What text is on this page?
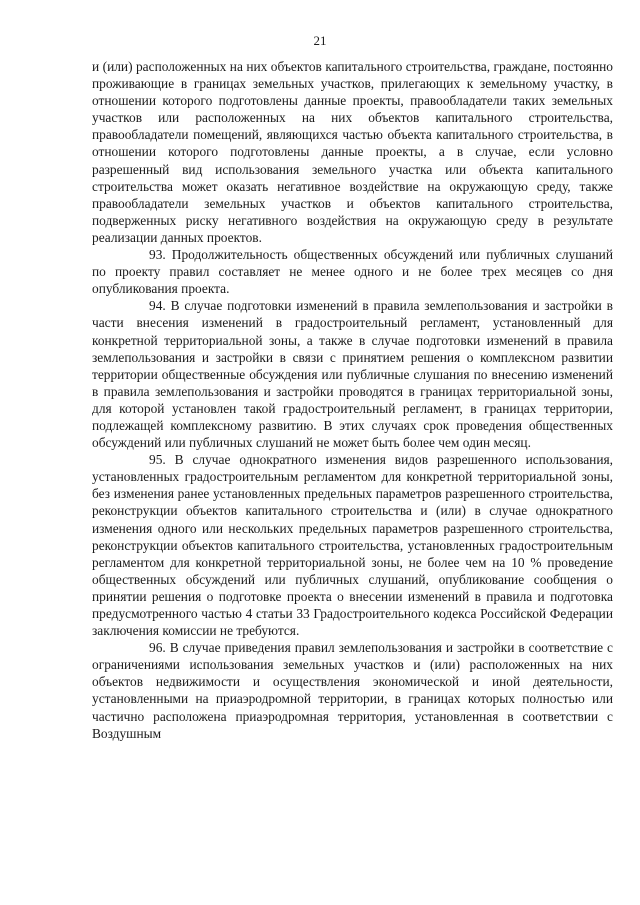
21

и (или) расположенных на них объектов капитального строительства, граждане, постоянно проживающие в границах земельных участков, прилегающих к земельному участку, в отношении которого подготовлены данные проекты, правообладатели таких земельных участков или расположенных на них объектов капитального строительства, правообладатели помещений, являющихся частью объекта капитального строительства, в отношении которого подготовлены данные проекты, а в случае, если условно разрешенный вид использования земельного участка или объекта капитального строительства может оказать негативное воздействие на окружающую среду, также правообладатели земельных участков и объектов капитального строительства, подверженных риску негативного воздействия на окружающую среду в результате реализации данных проектов.

93. Продолжительность общественных обсуждений или публичных слушаний по проекту правил составляет не менее одного и не более трех месяцев со дня опубликования проекта.

94. В случае подготовки изменений в правила землепользования и застройки в части внесения изменений в градостроительный регламент, установленный для конкретной территориальной зоны, а также в случае подготовки изменений в правила землепользования и застройки в связи с принятием решения о комплексном развитии территории общественные обсуждения или публичные слушания по внесению изменений в правила землепользования и застройки проводятся в границах территориальной зоны, для которой установлен такой градостроительный регламент, в границах территории, подлежащей комплексному развитию. В этих случаях срок проведения общественных обсуждений или публичных слушаний не может быть более чем один месяц.

95. В случае однократного изменения видов разрешенного использования, установленных градостроительным регламентом для конкретной территориальной зоны, без изменения ранее установленных предельных параметров разрешенного строительства, реконструкции объектов капитального строительства и (или) в случае однократного изменения одного или нескольких предельных параметров разрешенного строительства, реконструкции объектов капитального строительства, установленных градостроительным регламентом для конкретной территориальной зоны, не более чем на 10 % проведение общественных обсуждений или публичных слушаний, опубликование сообщения о принятии решения о подготовке проекта о внесении изменений в правила и подготовка предусмотренного частью 4 статьи 33 Градостроительного кодекса Российской Федерации заключения комиссии не требуются.

96. В случае приведения правил землепользования и застройки в соответствие с ограничениями использования земельных участков и (или) расположенных на них объектов недвижимости и осуществления экономической и иной деятельности, установленными на приаэродромной территории, в границах которых полностью или частично расположена приаэродромная территория, установленная в соответствии с Воздушным
